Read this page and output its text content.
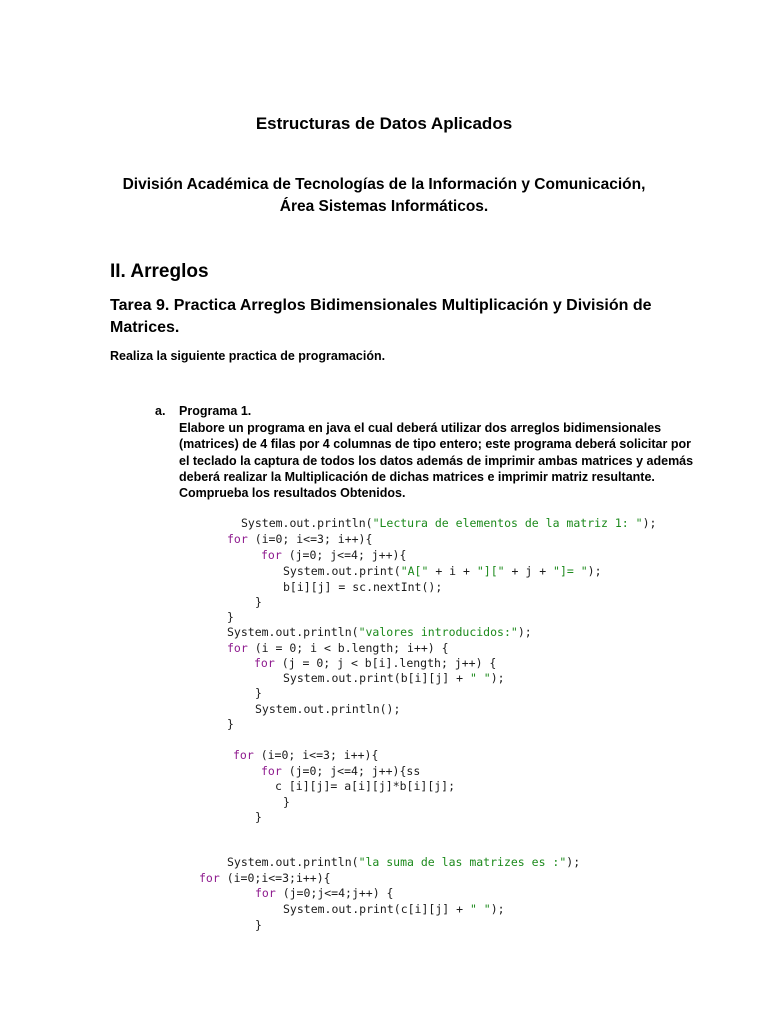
Estructuras de Datos Aplicados
División Académica de Tecnologías de la Información y Comunicación,
Área Sistemas Informáticos.
II. Arreglos
Tarea 9. Practica Arreglos Bidimensionales Multiplicación y División de
Matrices.
Realiza la siguiente practica de programación.
a. Programa 1.
Elabore un programa en java el cual deberá utilizar dos arreglos bidimensionales (matrices) de 4 filas por 4 columnas de tipo entero; este programa deberá solicitar por el teclado la captura de todos los datos además de imprimir ambas matrices y además deberá realizar la Multiplicación de dichas matrices e imprimir matriz resultante. Comprueba los resultados Obtenidos.
System.out.println("Lectura de elementos de la matriz 1: ");
for (i=0; i<=3; i++){
for (j=0; j<=4; j++){
System.out.print("A[" + i + "][" + j + "]= ");
b[i][j] = sc.nextInt();
}
}
System.out.println("valores introducidos:");
for (i = 0; i < b.length; i++) {
for (j = 0; j < b[i].length; j++) {
System.out.print(b[i][j] + " ");
}
System.out.println();
}
for (i=0; i<=3; i++){
for (j=0; j<=4; j++){ss
c [i][j]= a[i][j]*b[i][j];
}
}
System.out.println("la suma de las matrizes es :");
for (i=0;i<=3;i++){
for (j=0;j<=4;j++) {
System.out.print(c[i][j] + " ");
}
